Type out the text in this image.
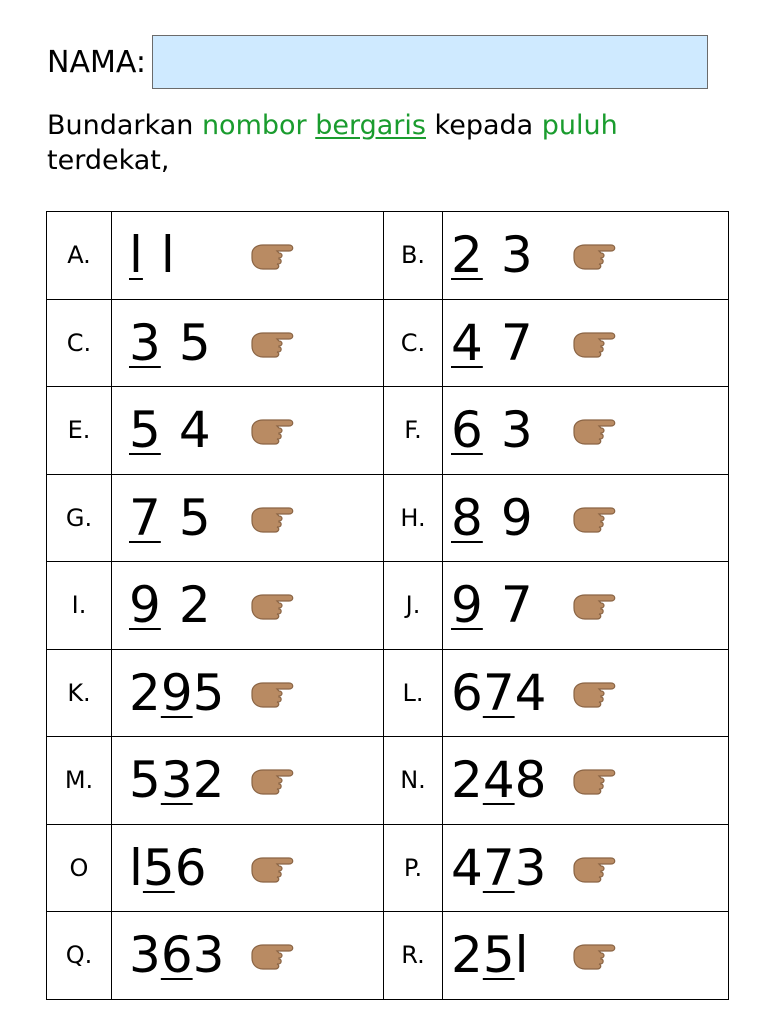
NAMA:
Bundarkan nombor bergaris kepada puluh terdekat,
A.	l l	B.	2 3

C.	3 5	C.	4 7

E.	5 4	F.	6 3

G.	7 5	H.	8 9

I.	9 2	J.	9 7

K.	295	L.	674

M.	532	N.	248

O	l56	P.	473

Q.	363	R.	25l
